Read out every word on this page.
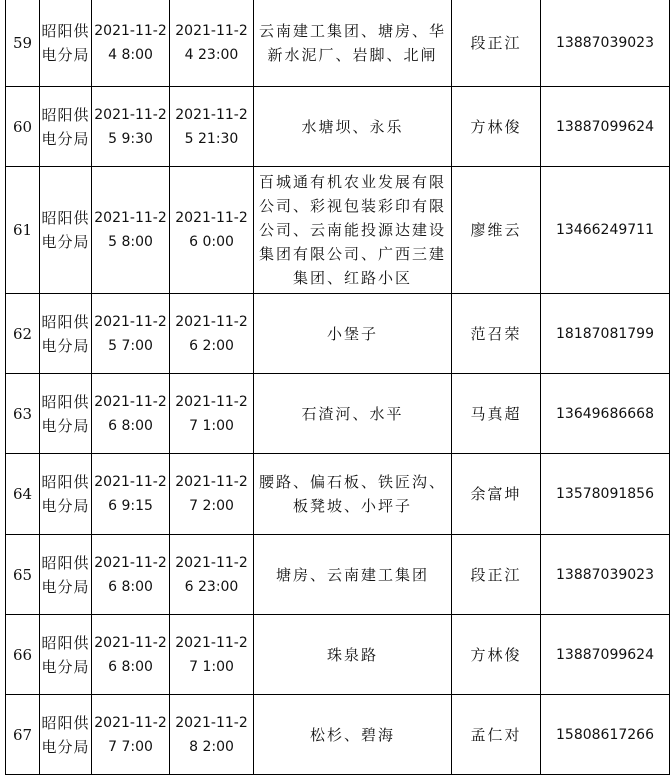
59	昭阳供电分局	2021-11-24 8:00	2021-11-24 23:00	云南建工集团、塘房、华新水泥厂、岩脚、北闸	段正江	13887039023
60	昭阳供电分局	2021-11-25 9:30	2021-11-25 21:30	水塘坝、永乐	方林俊	13887099624
61	昭阳供电分局	2021-11-25 8:00	2021-11-26 0:00	百城通有机农业发展有限公司、彩视包装彩印有限公司、云南能投源达建设集团有限公司、广西三建集团、红路小区	廖维云	13466249711
62	昭阳供电分局	2021-11-25 7:00	2021-11-26 2:00	小堡子	范召荣	18187081799
63	昭阳供电分局	2021-11-26 8:00	2021-11-27 1:00	石渣河、水平	马真超	13649686668
64	昭阳供电分局	2021-11-26 9:15	2021-11-27 2:00	腰路、偏石板、铁匠沟、板凳坡、小坪子	余富坤	13578091856
65	昭阳供电分局	2021-11-26 8:00	2021-11-26 23:00	塘房、云南建工集团	段正江	13887039023
66	昭阳供电分局	2021-11-26 8:00	2021-11-27 1:00	珠泉路	方林俊	13887099624
67	昭阳供电分局	2021-11-27 7:00	2021-11-28 2:00	松杉、碧海	孟仁对	15808617266
